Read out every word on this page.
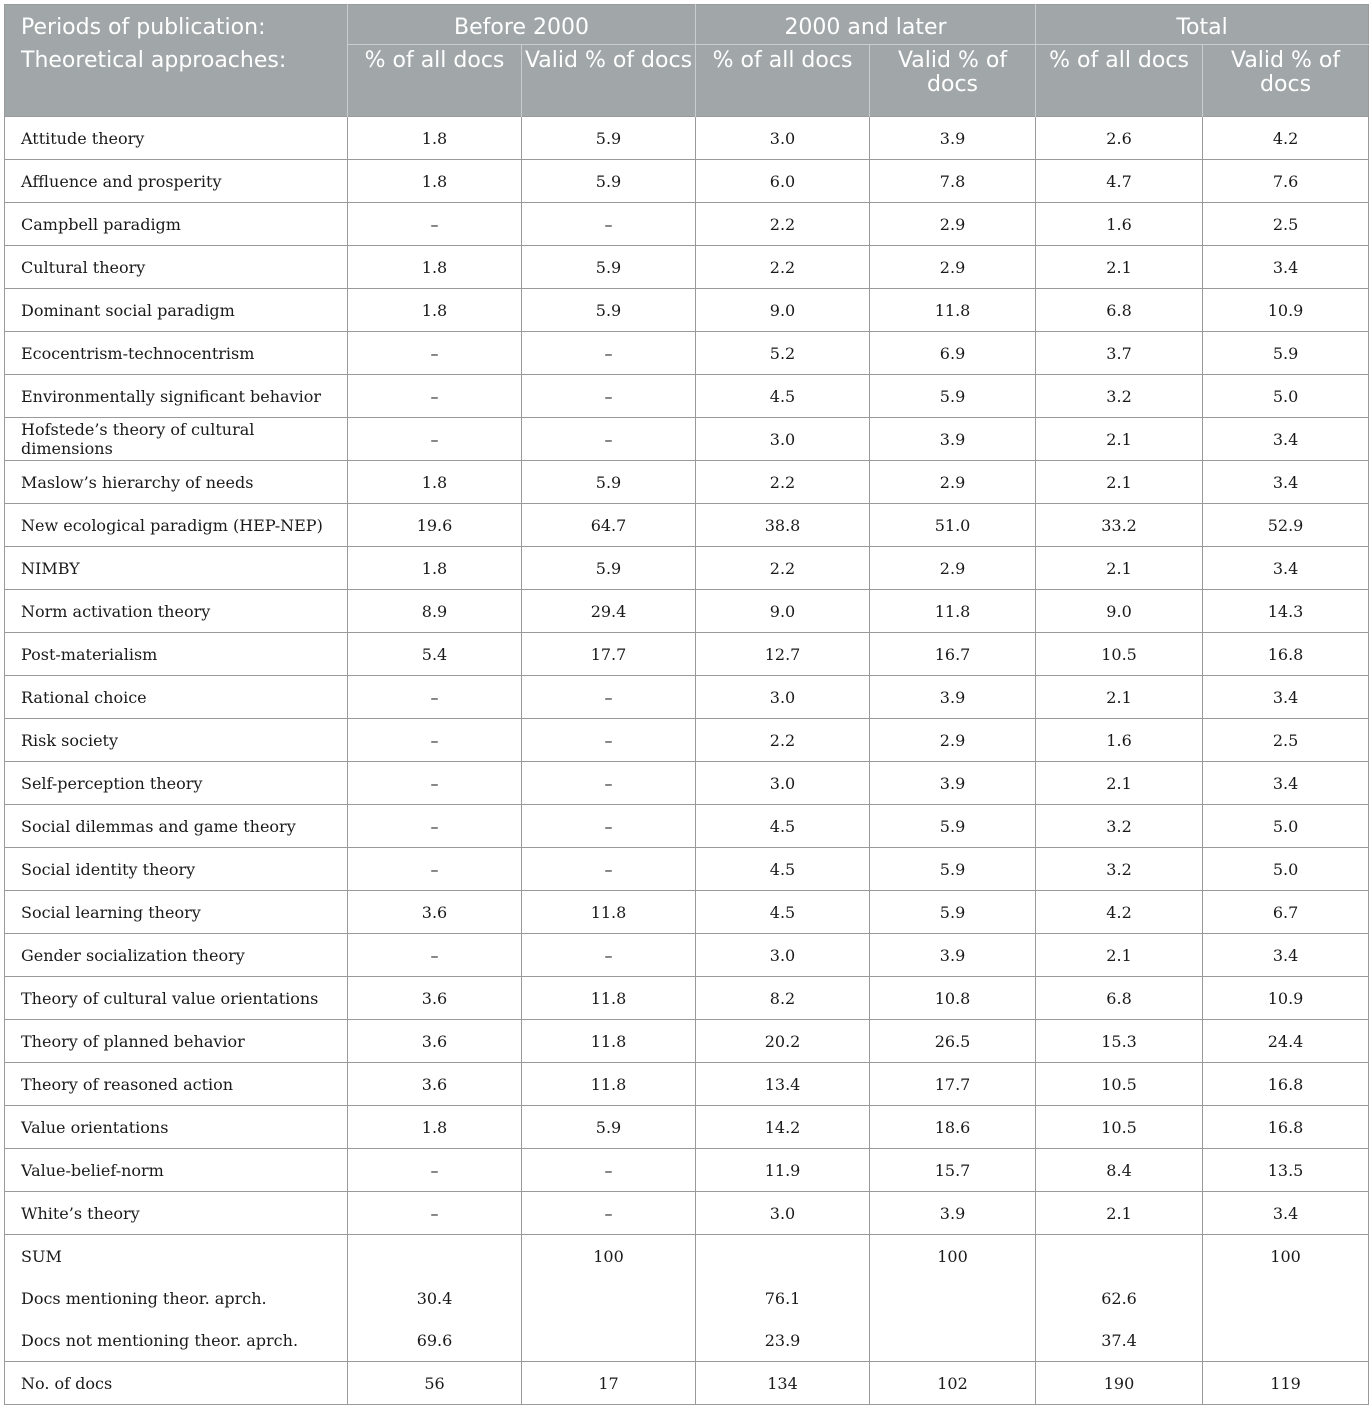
Periods of publication:	Before 2000		2000 and later		Total	
Theoretical approaches:	% of all docs	Valid % of docs	% of all docs	Valid % of docs	% of all docs	Valid % of docs
Attitude theory	1.8	5.9	3.0	3.9	2.6	4.2
Affluence and prosperity	1.8	5.9	6.0	7.8	4.7	7.6
Campbell paradigm	–	–	2.2	2.9	1.6	2.5
Cultural theory	1.8	5.9	2.2	2.9	2.1	3.4
Dominant social paradigm	1.8	5.9	9.0	11.8	6.8	10.9
Ecocentrism-technocentrism	–	–	5.2	6.9	3.7	5.9
Environmentally significant behavior	–	–	4.5	5.9	3.2	5.0
Hofstede’s theory of cultural dimensions	–	–	3.0	3.9	2.1	3.4
Maslow’s hierarchy of needs	1.8	5.9	2.2	2.9	2.1	3.4
New ecological paradigm (HEP-NEP)	19.6	64.7	38.8	51.0	33.2	52.9
NIMBY	1.8	5.9	2.2	2.9	2.1	3.4
Norm activation theory	8.9	29.4	9.0	11.8	9.0	14.3
Post-materialism	5.4	17.7	12.7	16.7	10.5	16.8
Rational choice	–	–	3.0	3.9	2.1	3.4
Risk society	–	–	2.2	2.9	1.6	2.5
Self-perception theory	–	–	3.0	3.9	2.1	3.4
Social dilemmas and game theory	–	–	4.5	5.9	3.2	5.0
Social identity theory	–	–	4.5	5.9	3.2	5.0
Social learning theory	3.6	11.8	4.5	5.9	4.2	6.7
Gender socialization theory	–	–	3.0	3.9	2.1	3.4
Theory of cultural value orientations	3.6	11.8	8.2	10.8	6.8	10.9
Theory of planned behavior	3.6	11.8	20.2	26.5	15.3	24.4
Theory of reasoned action	3.6	11.8	13.4	17.7	10.5	16.8
Value orientations	1.8	5.9	14.2	18.6	10.5	16.8
Value-belief-norm	–	–	11.9	15.7	8.4	13.5
White’s theory	–	–	3.0	3.9	2.1	3.4
SUM		100		100		100
Docs mentioning theor. aprch.	30.4		76.1		62.6	
Docs not mentioning theor. aprch.	69.6		23.9		37.4	
No. of docs	56	17	134	102	190	119
